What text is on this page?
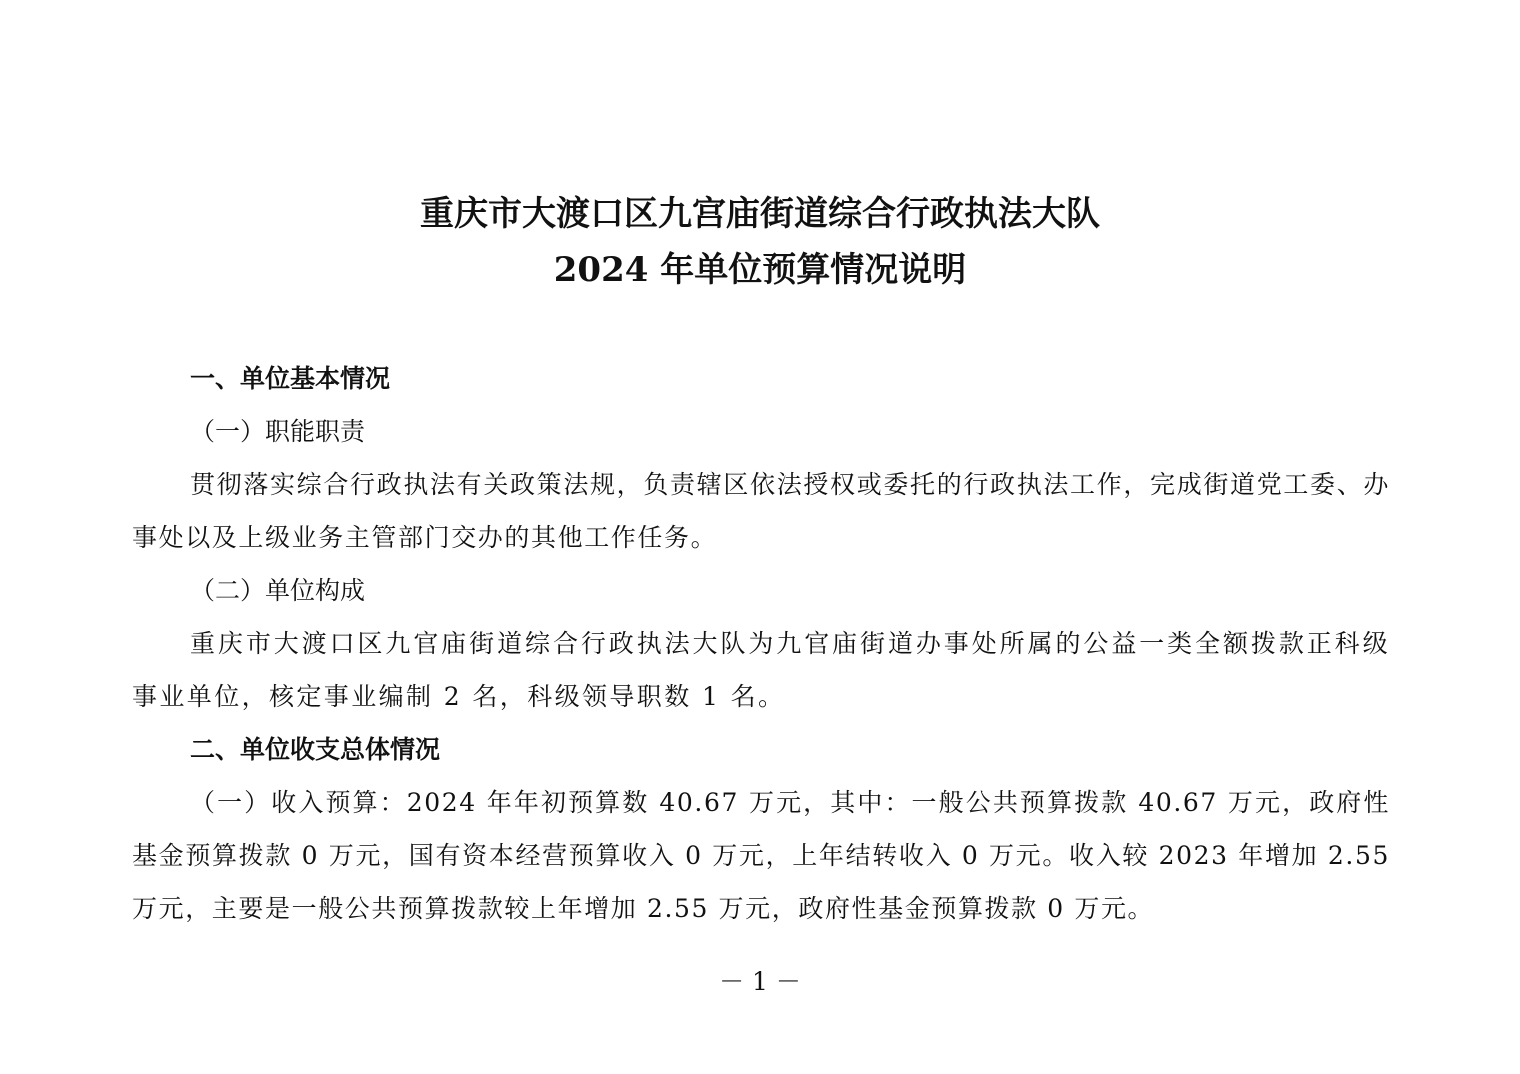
重庆市大渡口区九宫庙街道综合行政执法大队
2024 年单位预算情况说明

一、单位基本情况

（一）职能职责

贯彻落实综合行政执法有关政策法规，负责辖区依法授权或委托的行政执法工作，完成街道党工委、办事处以及上级业务主管部门交办的其他工作任务。

（二）单位构成

重庆市大渡口区九官庙街道综合行政执法大队为九官庙街道办事处所属的公益一类全额拨款正科级事业单位，核定事业编制 2 名，科级领导职数 1 名。

二、单位收支总体情况

（一）收入预算：2024 年年初预算数 40.67 万元，其中：一般公共预算拨款 40.67 万元，政府性基金预算拨款 0 万元，国有资本经营预算收入 0 万元，上年结转收入 0 万元。收入较 2023 年增加 2.55 万元，主要是一般公共预算拨款较上年增加 2.55 万元，政府性基金预算拨款 0 万元。

－ 1 －
